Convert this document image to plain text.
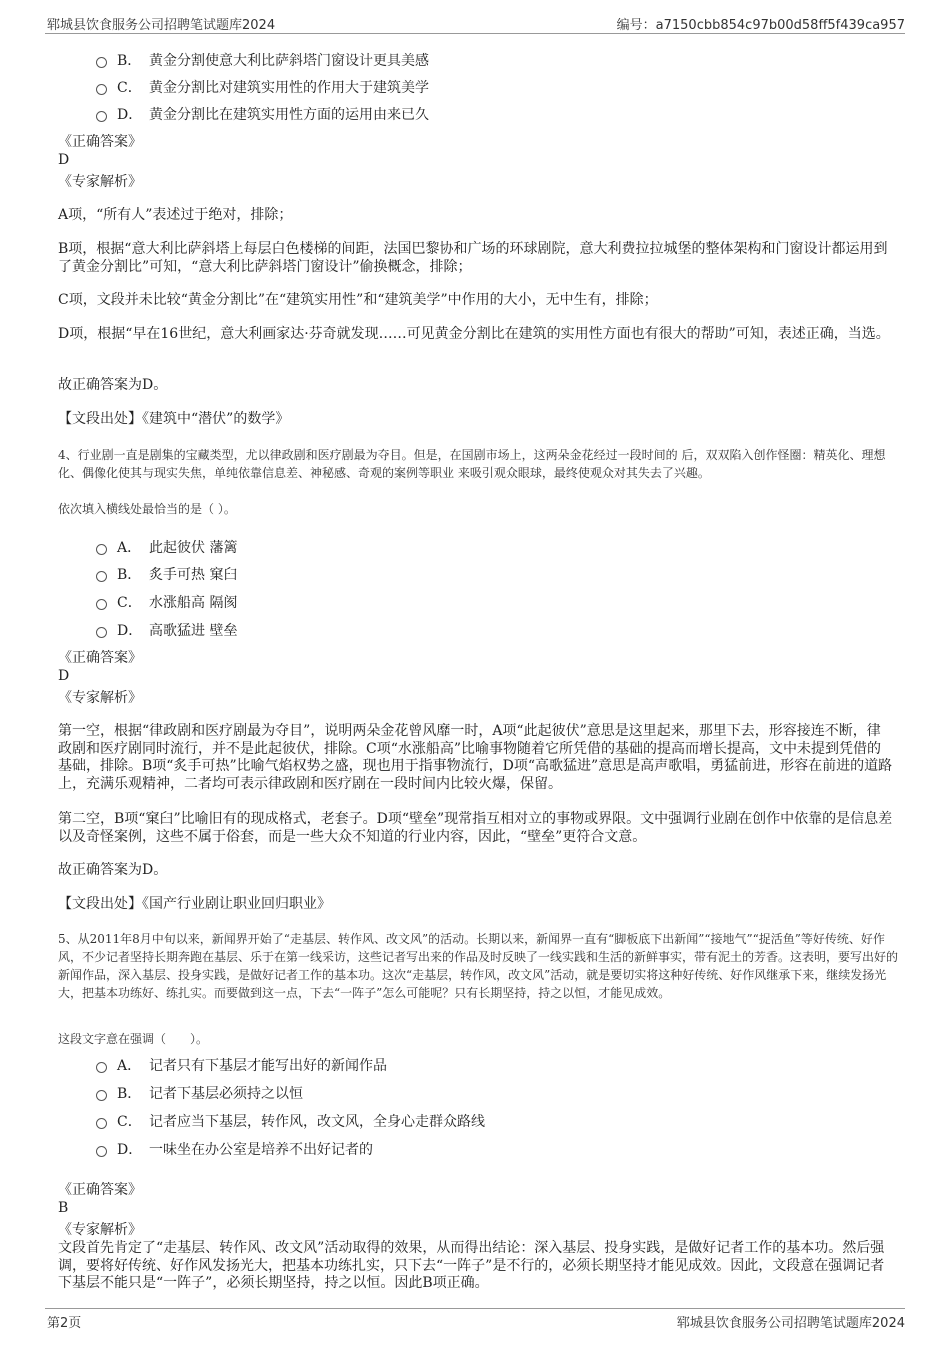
郓城县饮食服务公司招聘笔试题库2024	编号：a7150cbb854c97b00d58ff5f439ca957
B． 黄金分割使意大利比萨斜塔门窗设计更具美感
C． 黄金分割比对建筑实用性的作用大于建筑美学
D． 黄金分割比在建筑实用性方面的运用由来已久
《正确答案》
D
《专家解析》
A项，“所有人”表述过于绝对，排除；
B项，根据“意大利比萨斜塔上每层白色楼梯的间距，法国巴黎协和广场的环球剧院，意大利费拉拉城堡的整体架构和门窗设计都运用到了黄金分割比”可知，“意大利比萨斜塔门窗设计”偷换概念，排除；
C项，文段并未比较“黄金分割比”在“建筑实用性”和“建筑美学”中作用的大小，无中生有，排除；
D项，根据“早在16世纪，意大利画家达·芬奇就发现……可见黄金分割比在建筑的实用性方面也有很大的帮助”可知，表述正确，当选。
故正确答案为D。
【文段出处】《建筑中“潜伏”的数学》
4、行业剧一直是剧集的宝藏类型，尤以律政剧和医疗剧最为夺目。但是，在国剧市场上，这两朵金花经过一段时间的 后，双双陷入创作怪圈：精英化、理想化、偶像化使其与现实失焦，单纯依靠信息差、神秘感、奇观的案例等职业 来吸引观众眼球，最终使观众对其失去了兴趣。
依次填入横线处最恰当的是（ ）。
A． 此起彼伏 藩篱
B． 炙手可热 窠臼
C． 水涨船高 隔阂
D． 高歌猛进 壁垒
《正确答案》
D
《专家解析》
第一空，根据“律政剧和医疗剧最为夺目”，说明两朵金花曾风靡一时，A项“此起彼伏”意思是这里起来，那里下去，形容接连不断，律政剧和医疗剧同时流行，并不是此起彼伏，排除。C项“水涨船高”比喻事物随着它所凭借的基础的提高而增长提高，文中未提到凭借的基础，排除。B项“炙手可热”比喻气焰权势之盛，现也用于指事物流行，D项“高歌猛进”意思是高声歌唱，勇猛前进，形容在前进的道路上，充满乐观精神，二者均可表示律政剧和医疗剧在一段时间内比较火爆，保留。
第二空，B项“窠臼”比喻旧有的现成格式，老套子。D项“壁垒”现常指互相对立的事物或界限。文中强调行业剧在创作中依靠的是信息差以及奇怪案例，这些不属于俗套，而是一些大众不知道的行业内容，因此，“壁垒”更符合文意。
故正确答案为D。
【文段出处】《国产行业剧让职业回归职业》
5、从2011年8月中旬以来，新闻界开始了“走基层、转作风、改文风”的活动。长期以来，新闻界一直有“脚板底下出新闻”“接地气”“捉活鱼”等好传统、好作风，不少记者坚持长期奔跑在基层、乐于在第一线采访，这些记者写出来的作品及时反映了一线实践和生活的新鲜事实，带有泥土的芳香。这表明，要写出好的新闻作品，深入基层、投身实践，是做好记者工作的基本功。这次“走基层，转作风，改文风”活动，就是要切实将这种好传统、好作风继承下来，继续发扬光大，把基本功练好、练扎实。而要做到这一点，下去“一阵子”怎么可能呢？只有长期坚持，持之以恒，才能见成效。
这段文字意在强调（　　）。
A． 记者只有下基层才能写出好的新闻作品
B． 记者下基层必须持之以恒
C． 记者应当下基层，转作风，改文风，全身心走群众路线
D． 一味坐在办公室是培养不出好记者的
《正确答案》
B
《专家解析》
文段首先肯定了“走基层、转作风、改文风”活动取得的效果，从而得出结论：深入基层、投身实践，是做好记者工作的基本功。然后强调，要将好传统、好作风发扬光大，把基本功练扎实，只下去“一阵子”是不行的，必须长期坚持才能见成效。因此，文段意在强调记者下基层不能只是“一阵子”，必须长期坚持，持之以恒。因此B项正确。
第2页	郓城县饮食服务公司招聘笔试题库2024
